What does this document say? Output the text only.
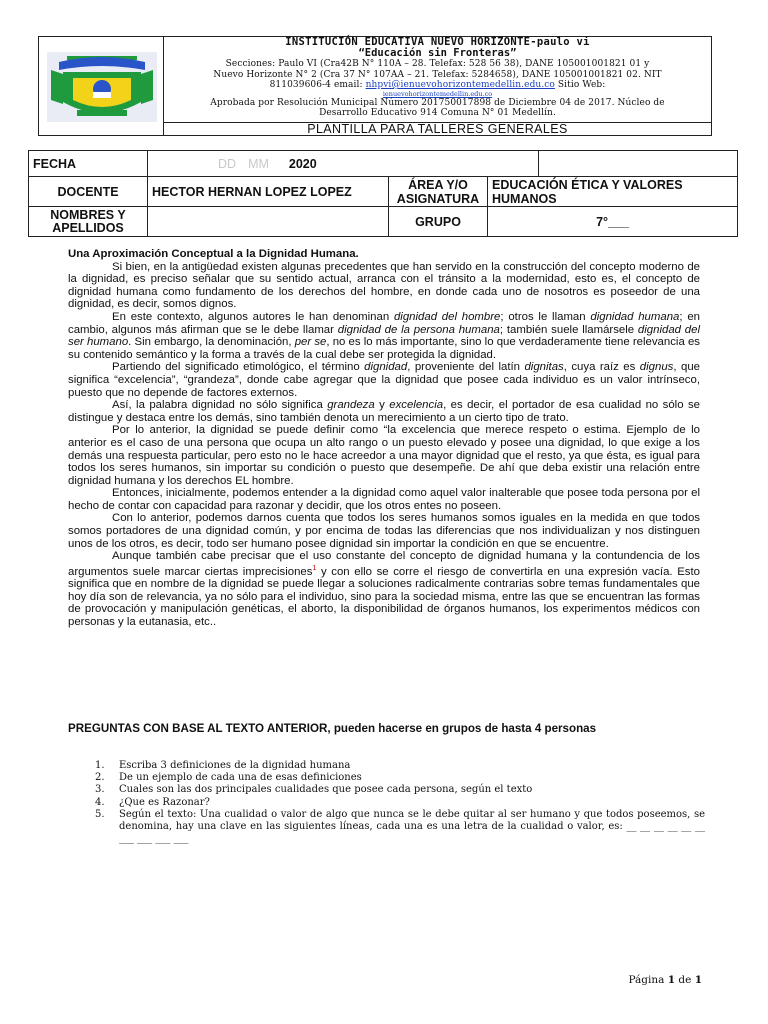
INSTITUCIÓN EDUCATIVA NUEVO HORIZONTE-paulo vi
“Educación sin Fronteras”
Secciones: Paulo VI (Cra42B N° 110A – 28. Telefax: 528 56 38), DANE 105001001821 01 y
Nuevo Horizonte N° 2 (Cra 37 N° 107AA – 21. Telefax: 5284658), DANE 105001001821 02. NIT
811039606-4 email: nhpvi@ienuevohorizontemedellin.edu.co Sitio Web:
ienuevohorizontemedellin.edu.co
Aprobada por Resolución Municipal Número 201750017898 de Diciembre 04 de 2017. Núcleo de
Desarrollo Educativo 914 Comuna N° 01 Medellín.
PLANTILLA PARA TALLERES GENERALES
FECHA	DD MM 2020			
DOCENTE	HECTOR HERNAN LOPEZ LOPEZ	ÁREA Y/O ASIGNATURA	EDUCACIÓN ÉTICA Y VALORES HUMANOS	
NOMBRES Y APELLIDOS		GRUPO	7°___	

Una Aproximación Conceptual a la Dignidad Humana.

Si bien, en la antigüedad existen algunas precedentes que han servido en la construcción del concepto moderno de la dignidad, es preciso señalar que su sentido actual, arranca con el tránsito a la modernidad, esto es, el concepto de dignidad humana como fundamento de los derechos del hombre, en donde cada uno de nosotros es poseedor de una dignidad, es decir, somos dignos.

En este contexto, algunos autores le han denominan dignidad del hombre; otros le llaman dignidad humana; en cambio, algunos más afirman que se le debe llamar dignidad de la persona humana; también suele llamársele dignidad del ser humano. Sin embargo, la denominación, per se, no es lo más importante, sino lo que verdaderamente tiene relevancia es su contenido semántico y la forma a través de la cual debe ser protegida la dignidad.

Partiendo del significado etimológico, el término dignidad, proveniente del latín dignitas, cuya raíz es dignus, que significa “excelencia”, “grandeza”, donde cabe agregar que la dignidad que posee cada individuo es un valor intrínseco, puesto que no depende de factores externos.

Así, la palabra dignidad no sólo significa grandeza y excelencia, es decir, el portador de esa cualidad no sólo se distingue y destaca entre los demás, sino también denota un merecimiento a un cierto tipo de trato.

Por lo anterior, la dignidad se puede definir como “la excelencia que merece respeto o estima. Ejemplo de lo anterior es el caso de una persona que ocupa un alto rango o un puesto elevado y posee una dignidad, lo que exige a los demás una respuesta particular, pero esto no le hace acreedor a una mayor dignidad que el resto, ya que ésta, es igual para todos los seres humanos, sin importar su condición o puesto que desempeñe. De ahí que deba existir una relación entre dignidad humana y los derechos EL hombre.

Entonces, inicialmente, podemos entender a la dignidad como aquel valor inalterable que posee toda persona por el hecho de contar con capacidad para razonar y decidir, que los otros entes no poseen.

Con lo anterior, podemos darnos cuenta que todos los seres humanos somos iguales en la medida en que todos somos portadores de una dignidad común, y por encima de todas las diferencias que nos individualizan y nos distinguen unos de los otros, es decir, todo ser humano posee dignidad sin importar la condición en que se encuentre.

Aunque también cabe precisar que el uso constante del concepto de dignidad humana y la contundencia de los argumentos suele marcar ciertas imprecisiones$^1$ y con ello se corre el riesgo de convertirla en una expresión vacía. Esto significa que en nombre de la dignidad se puede llegar a soluciones radicalmente contrarias sobre temas fundamentales que hoy día son de relevancia, ya no sólo para el individuo, sino para la sociedad misma, entre las que se encuentran las formas de provocación y manipulación genéticas, el aborto, la disponibilidad de órganos humanos, los experimentos médicos con personas y la eutanasia, etc..

PREGUNTAS CON BASE AL TEXTO ANTERIOR, pueden hacerse en grupos de hasta 4 personas
1. Escriba 3 definiciones de la dignidad humana
2. De un ejemplo de cada una de esas definiciones
3. Cuales son las dos principales cualidades que posee cada persona, según el texto
4. ¿Que es Razonar?
5. Según el texto: Una cualidad o valor de algo que nunca se le debe quitar al ser humano y que todos poseemos, se denomina, hay una clave en las siguientes líneas, cada una es una letra de la cualidad o valor, es: __ __ __ __ __ __ ___ ___ ___ ___
Página 1 de 1
